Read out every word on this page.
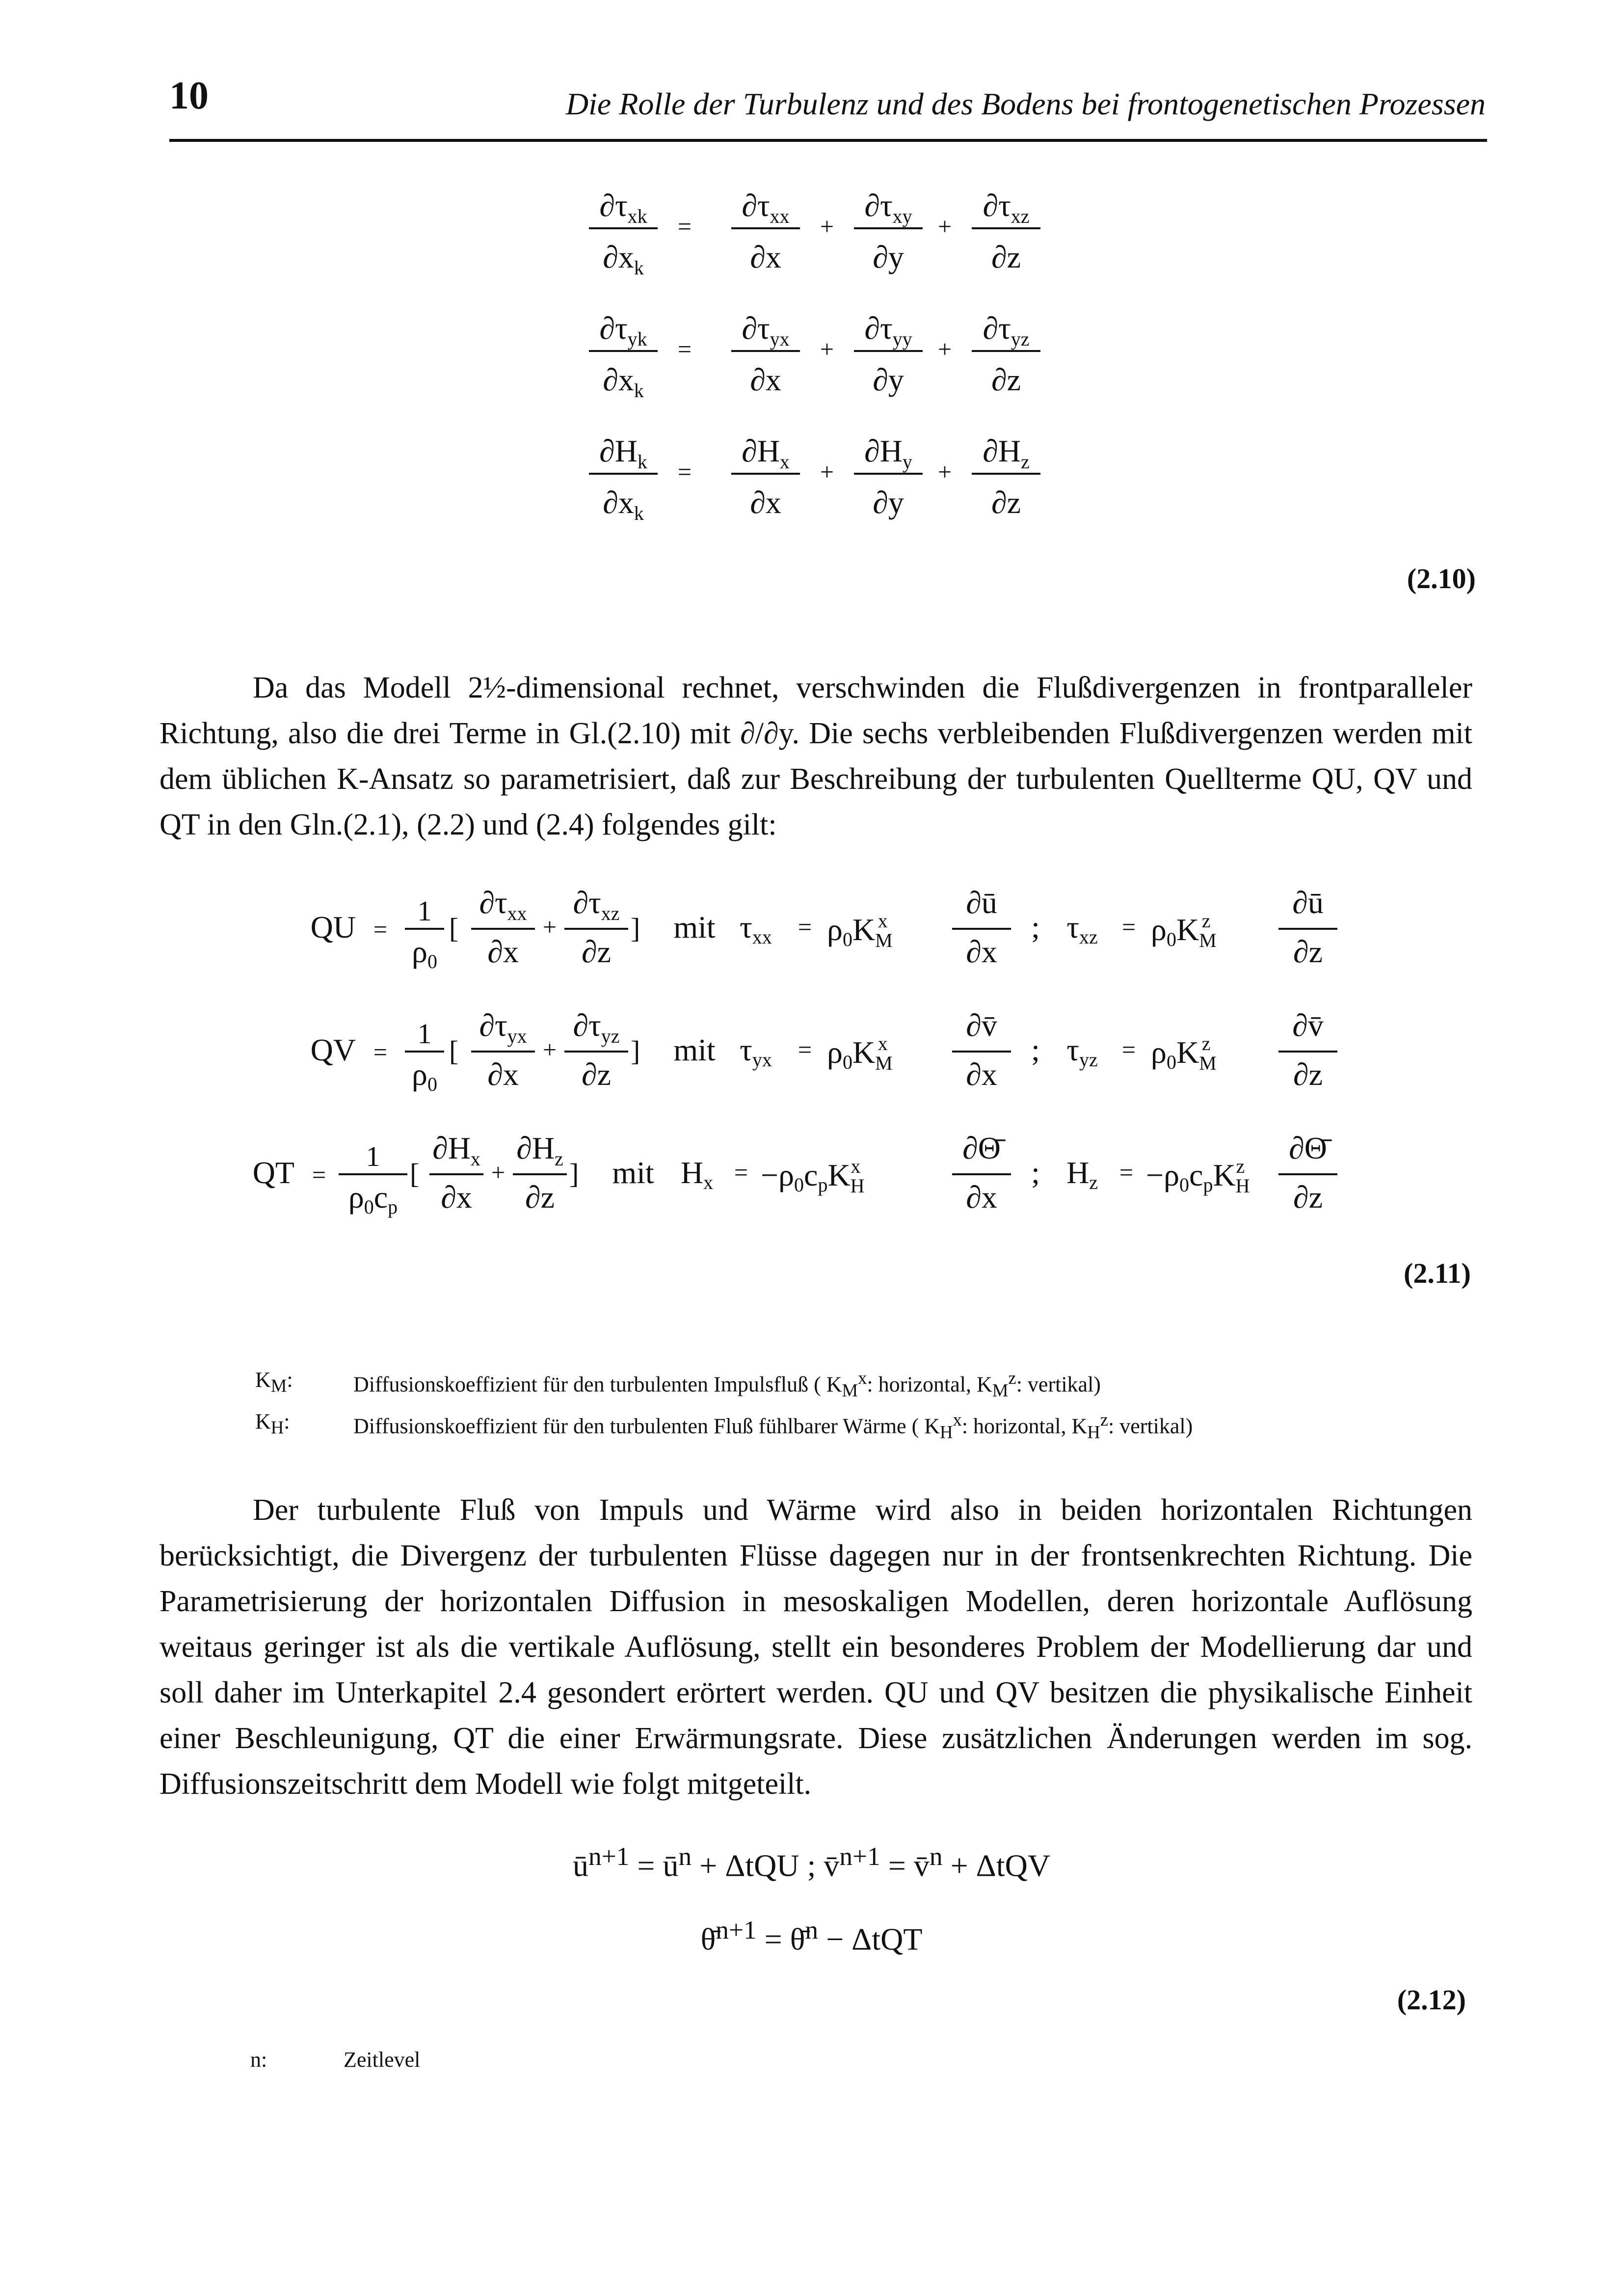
10	Die Rolle der Turbulenz und des Bodens bei frontogenetischen Prozessen
$\partial\tau_{xk}$
$\partial x_k$
=
$\partial\tau_{xx}$
∂x
+
$\partial\tau_{xy}$
∂y
+
$\partial\tau_{xz}$
∂z
$\partial\tau_{yk}$
$\partial x_k$
=
$\partial\tau_{yx}$
∂x
+
$\partial\tau_{yy}$
∂y
+
$\partial\tau_{yz}$
∂z
$\partial H_k$
$\partial x_k$
=
$\partial H_x$
∂x
+
$\partial H_y$
∂y
+
$\partial H_z$
∂z
(2.10)

Da das Modell 2½-dimensional rechnet, verschwinden die Flußdivergenzen in frontparalleler Richtung, also die drei Terme in Gl.(2.10) mit ∂/∂y. Die sechs verbleibenden Flußdivergenzen werden mit dem üblichen K-Ansatz so parametrisiert, daß zur Beschreibung der turbulenten Quellterme QU, QV und QT in den Gln.(2.1), (2.2) und (2.4) folgendes gilt:

QU =
1
ρ0
[
$\partial\tau_{xx}$
∂x
+
$\partial\tau_{xz}$
∂z
] mit $\tau xx = \rho 0K_Mx$
∂ū
∂x
; $\tau xz = \rho 0K_Mz$
∂ū
∂z
QV =
1
ρ0
[
$\partial\tau_{yx}$
∂x
+
$\partial\tau_{yz}$
∂z
] mit $\tau yx = \rho 0K_Mx$
∂v̄
∂x
; $\tau yz = \rho 0K_Mz$
∂v̄
∂z
QT =
1
ρ0cp
[
$\partial H_x$
∂x
+
$\partial H_z$
∂z
] mit Hx = −ρ0cpK$_H$x
∂Θ̄
∂x
; Hz = −ρ0cpK$_H$z
∂Θ̄
∂z
(2.11)
$K_M$:	Diffusionskoeffizient für den turbulenten Impulsfluß ( $K_M^x$: horizontal, $K_M^z$: vertikal)
$K_H$:	Diffusionskoeffizient für den turbulenten Fluß fühlbarer Wärme ( $K_H^x$: horizontal, $K_H^z$: vertikal)

Der turbulente Fluß von Impuls und Wärme wird also in beiden horizontalen Richtungen berücksichtigt, die Divergenz der turbulenten Flüsse dagegen nur in der frontsenkrechten Richtung. Die Parametrisierung der horizontalen Diffusion in mesoskaligen Modellen, deren horizontale Auflösung weitaus geringer ist als die vertikale Auflösung, stellt ein besonderes Problem der Modellierung dar und soll daher im Unterkapitel 2.4 gesondert erörtert werden. QU und QV besitzen die physikalische Einheit einer Beschleunigung, QT die einer Erwärmungsrate. Diese zusätzlichen Änderungen werden im sog. Diffusionszeitschritt dem Modell wie folgt mitgeteilt.

$ū^{n+1}$ = $ū^n + \Delta tQU$ ; v̄$^{n+1}$ = v̄$^n$ + ΔtQV
θ̄$^{n+1}$ = θ̄$^n$ − ΔtQT
(2.12)
n:	Zeitlevel
